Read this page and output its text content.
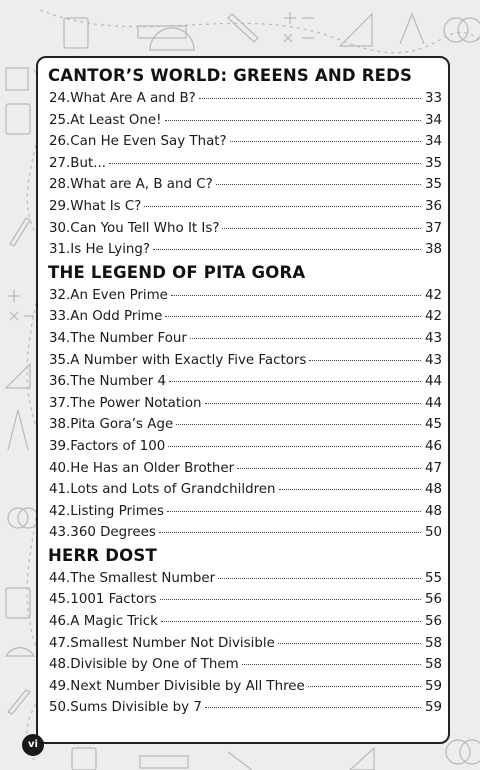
CANTOR’S WORLD: GREENS AND REDS
24. What Are A and B?	33
25. At Least One!	34
26. Can He Even Say That?	34
27. But...	35
28. What are A, B and C?	35
29. What Is C?	36
30. Can You Tell Who It Is?	37
31. Is He Lying?	38
THE LEGEND OF PITA GORA
32. An Even Prime	42
33. An Odd Prime	42
34. The Number Four	43
35. A Number with Exactly Five Factors	43
36. The Number 4	44
37. The Power Notation	44
38. Pita Gora’s Age	45
39. Factors of 100	46
40. He Has an Older Brother	47
41. Lots and Lots of Grandchildren	48
42. Listing Primes	48
43. 360 Degrees	50
HERR DOST
44. The Smallest Number	55
45. 1001 Factors	56
46. A Magic Trick	56
47. Smallest Number Not Divisible	58
48. Divisible by One of Them	58
49. Next Number Divisible by All Three	59
50. Sums Divisible by 7	59
vi
